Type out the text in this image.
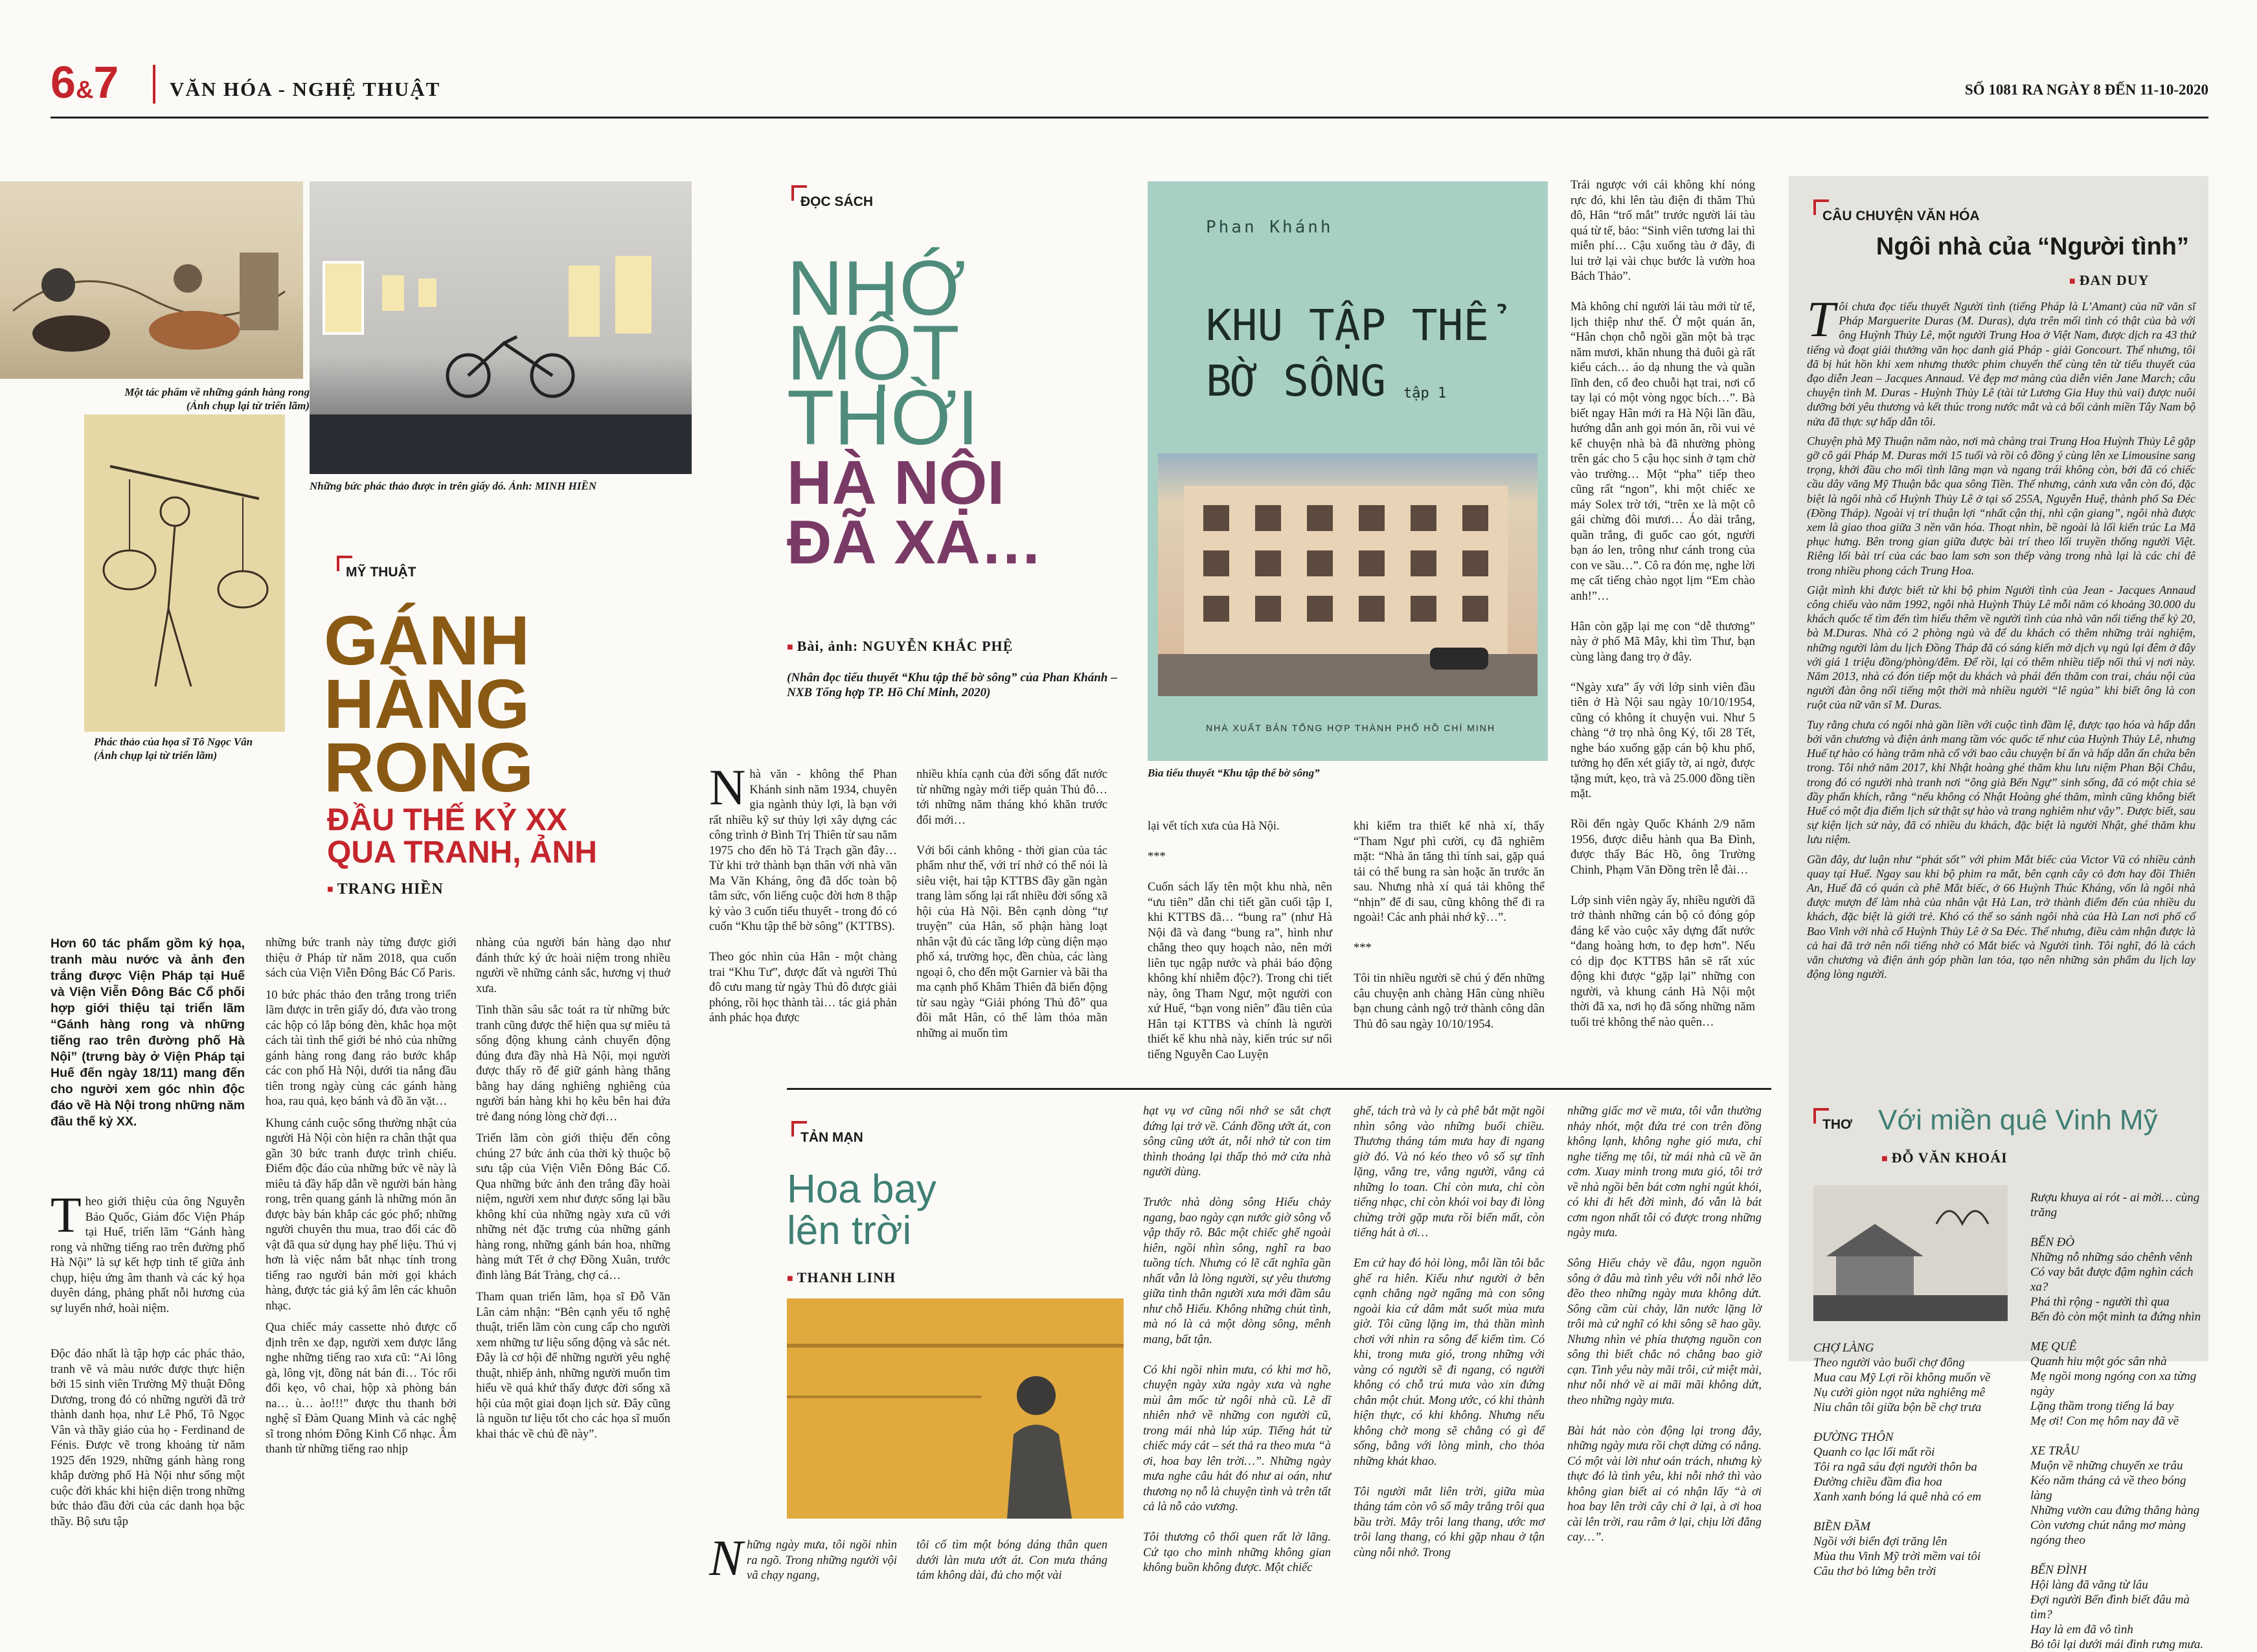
6&7	VĂN HÓA - NGHỆ THUẬT	SỐ 1081 RA NGÀY 8 ĐẾN 11-10-2020
Một tác phẩm về những gánh hàng rong
(Ảnh chụp lại từ triển lãm)
Những bức phác thảo được in trên giấy dó. Ảnh: MINH HIỀN
Phác thảo của họa sĩ Tô Ngọc Vân
(Ảnh chụp lại từ triển lãm)
MỸ THUẬT
GÁNH
HÀNG
RONG
ĐẦU THẾ KỶ XX
QUA TRANH, ẢNH
■ TRANG HIỀN
Hơn 60 tác phẩm gồm ký họa, tranh màu nước và ảnh đen trắng được Viện Pháp tại Huế và Viện Viễn Đông Bác Cổ phối hợp giới thiệu tại triển lãm “Gánh hàng rong và những tiếng rao trên đường phố Hà Nội” (trưng bày ở Viện Pháp tại Huế đến ngày 18/11) mang đến cho người xem góc nhìn độc đáo về Hà Nội trong những năm đầu thế kỷ XX.
Theo giới thiệu của ông Nguyễn Bảo Quốc, Giám đốc Viện Pháp tại Huế, triển lãm “Gánh hàng rong và những tiếng rao trên đường phố Hà Nội” là sự kết hợp tinh tế giữa ảnh chụp, hiệu ứng âm thanh và các ký họa duyên dáng, phảng phất nỗi hương của sự luyến nhớ, hoài niệm.
Độc đáo nhất là tập hợp các phác thảo, tranh vẽ và màu nước được thực hiện bởi 15 sinh viên Trường Mỹ thuật Đông Dương, trong đó có những người đã trở thành danh họa, như Lê Phổ, Tô Ngọc Vân và thầy giáo của họ - Ferdinand de Fénis. Được vẽ trong khoảng từ năm 1925 đến 1929, những gánh hàng rong khắp đường phố Hà Nội như sống một cuộc đời khác khi hiện diện trong những bức thảo đầu đời của các danh họa bậc thầy. Bộ sưu tập
những bức tranh này từng được giới thiệu ở Pháp từ năm 2018, qua cuốn sách của Viện Viễn Đông Bác Cổ Paris.
10 bức phác thảo đen trắng trong triển lãm được in trên giấy dó, đưa vào trong các hộp có lắp bóng đèn, khắc họa một cách tài tình thế giới bé nhỏ của những gánh hàng rong đang rảo bước khắp các con phố Hà Nội, dưới tia nắng đầu tiên trong ngày cùng các gánh hàng hoa, rau quả, kẹo bánh và đồ ăn vặt…
Khung cảnh cuộc sống thường nhật của người Hà Nội còn hiện ra chân thật qua gần 30 bức tranh được trình chiếu. Điểm độc đáo của những bức vẽ này là miêu tả đầy hấp dẫn về người bán hàng rong, trên quang gánh là những món ăn được bày bán khắp các góc phố; những người chuyên thu mua, trao đổi các đồ vật đã qua sử dụng hay phế liệu. Thú vị hơn là việc nắm bắt nhạc tính trong tiếng rao người bán mời gọi khách hàng, được tác giả ký âm lên các khuôn nhạc.
Qua chiếc máy cassette nhỏ được cố định trên xe đạp, người xem được lắng nghe những tiếng rao xưa cũ: “Ai lông gà, lông vịt, đồng nát bán đi… Tóc rối đổi kẹo, vô chai, hộp xà phòng bán na… ù… ào!!!” được thu thanh bởi nghệ sĩ Đàm Quang Minh và các nghệ sĩ trong nhóm Đông Kinh Cổ nhạc. Âm thanh từ những tiếng rao nhịp
nhàng của người bán hàng dạo như đánh thức ký ức hoài niệm trong nhiều người về những cảnh sắc, hương vị thuở xưa.
Tinh thần sâu sắc toát ra từ những bức tranh cũng được thể hiện qua sự miêu tả sống động khung cảnh chuyển động đúng đưa đầy nhà Hà Nội, mọi người được thấy rõ để giữ gánh hàng thăng bằng hay dáng nghiêng nghiêng của người bán hàng khi họ kêu bên hai đứa trẻ đang nóng lòng chờ đợi…
Triển lãm còn giới thiệu đến công chúng 27 bức ảnh của thời kỳ thuộc bộ sưu tập của Viện Viễn Đông Bác Cổ. Qua những bức ảnh đen trắng đầy hoài niệm, người xem như được sống lại bầu không khí của những ngày xưa cũ với những nét đặc trưng của những gánh hàng rong, những gánh bán hoa, những hàng mứt Tết ở chợ Đồng Xuân, trước đình làng Bát Tràng, chợ cá…
Tham quan triển lãm, họa sĩ Đỗ Văn Lân cảm nhận: “Bên cạnh yếu tố nghệ thuật, triển lãm còn cung cấp cho người xem những tư liệu sống động và sắc nét. Đây là cơ hội để những người yêu nghệ thuật, nhiếp ảnh, những người muốn tìm hiểu về quá khứ thấy được đời sống xã hội của một giai đoạn lịch sử. Đây cũng là nguồn tư liệu tốt cho các họa sĩ muốn khai thác về chủ đề này”.
ĐỌC SÁCH
NHỚ
MỘT
THỜI
HÀ NỘI
ĐÃ XA…
■ Bài, ảnh: NGUYỄN KHẮC PHỆ
(Nhân đọc tiểu thuyết “Khu tập thể bờ sông” của Phan Khánh – NXB Tổng hợp TP. Hồ Chí Minh, 2020)
Phan Khánh
KHU TẬP THỂ
BỜ SÔNG	tập 1
NHÀ XUẤT BẢN TỔNG HỢP THÀNH PHỐ HỒ CHÍ MINH
Bìa tiểu thuyết “Khu tập thể bờ sông”
Nhà văn - không thể Phan Khánh sinh năm 1934, chuyên gia ngành thủy lợi, là bạn với rất nhiều kỹ sư thủy lợi xây dựng các công trình ở Bình Trị Thiên từ sau năm 1975 cho đến hồ Tả Trạch gần đây… Từ khi trở thành bạn thân với nhà văn Ma Văn Kháng, ông đã dốc toàn bộ tâm sức, vốn liếng cuộc đời hơn 8 thập kỷ vào 3 cuốn tiểu thuyết - trong đó có cuốn “Khu tập thể bờ sông” (KTTBS).

Theo góc nhìn của Hân - một chàng trai “Khu Tư”, được đất và người Thủ đô cưu mang từ ngày Thủ đô được giải phóng, rồi học thành tài… tác giả phản ánh phác họa được
nhiều khía cạnh của đời sống đất nước từ những ngày mới tiếp quản Thủ đô… tới những năm tháng khó khăn trước đổi mới…

Với bối cảnh không - thời gian của tác phẩm như thế, với trí nhớ có thể nói là siêu việt, hai tập KTTBS đầy gần ngàn trang làm sống lại rất nhiều đời sống xã hội của Hà Nội. Bên cạnh dòng “tự truyện” của Hân, số phận hàng loạt nhân vật đủ các tầng lớp cùng diện mạo phố xá, trường học, đền chùa, các làng ngoại ô, cho đến một Garnier và bãi tha ma cạnh phố Khâm Thiên đã biến động từ sau ngày “Giải phóng Thủ đô” qua đôi mắt Hân, có thể làm thỏa mãn những ai muốn tìm
lại vết tích xưa của Hà Nội.

***

Cuốn sách lấy tên một khu nhà, nên “ưu tiên” dẫn chi tiết gần cuối tập I, khi KTTBS đã… “bung ra” (như Hà Nội đã và đang “bung ra”, hình như chẳng theo quy hoạch nào, nên mới liên tục ngập nước và phải báo động không khí nhiễm độc?). Trong chi tiết này, ông Tham Ngư, một người con xứ Huế, “bạn vong niên” đầu tiên của Hân tại KTTBS và chính là người thiết kế khu nhà này, kiến trúc sư nổi tiếng Nguyễn Cao Luyện
khi kiểm tra thiết kế nhà xí, thấy “Tham Ngư phì cười, cụ đã nghiêm mặt: “Nhà ăn tăng thì tính sai, gặp quá tải có thể bung ra sàn hoặc ăn trước ăn sau. Nhưng nhà xí quá tải không thể “nhịn” để đi sau, cũng không thể đi ra ngoài! Các anh phải nhớ kỹ…”.

***

Tôi tin nhiều người sẽ chú ý đến những câu chuyện anh chàng Hân cùng nhiều bạn chung cảnh ngộ trở thành công dân Thủ đô sau ngày 10/10/1954.
Trái ngược với cái không khí nóng rực đó, khi lên tàu điện đi thăm Thủ đô, Hân “trố mắt” trước người lái tàu quá từ tế, bảo: “Sinh viên tương lai thì miễn phí… Cậu xuống tàu ở đây, đi lui trở lại vài chục bước là vườn hoa Bách Thảo”.

Mà không chỉ người lái tàu mới từ tế, lịch thiệp như thế. Ở một quán ăn, “Hân chọn chỗ ngồi gần một bà trạc năm mươi, khăn nhung thả đuôi gà rất kiểu cách… áo dạ nhung the và quần lĩnh đen, cổ đeo chuỗi hạt trai, nơi cổ tay lại có một vòng ngọc bích…”. Bà biết ngay Hân mới ra Hà Nội lần đầu, hướng dẫn anh gọi món ăn, rồi vui vẻ kể chuyện nhà bà đã nhường phòng trên gác cho 5 cậu học sinh ở tạm chờ vào trường… Một “pha” tiếp theo cũng rất “ngon”, khi một chiếc xe máy Solex trờ tới, “trên xe là một cô gái chừng đôi mươi… Áo dài trắng, quần trắng, đi guốc cao gót, người bạn áo len, trông như cánh trong của con ve sầu…”. Cô ra đón mẹ, nghe lời mẹ cất tiếng chào ngọt lịm “Em chào anh!”…

Hân còn gặp lại mẹ con “dễ thương” này ở phố Mã Mây, khi tìm Thư, bạn cùng làng đang trọ ở đây.

“Ngày xưa” ấy với lớp sinh viên đầu tiên ở Hà Nội sau ngày 10/10/1954, cũng có không ít chuyện vui. Như 5 chàng “ở trọ nhà ông Ký, tối 28 Tết, nghe báo xuống gặp cán bộ khu phố, tưởng họ đến xét giấy tờ, ai ngờ, được tặng mứt, kẹo, trà và 25.000 đồng tiền mặt.

Rồi đến ngày Quốc Khánh 2/9 năm 1956, được diễu hành qua Ba Đình, được thấy Bác Hồ, ông Trường Chinh, Phạm Văn Đồng trên lễ đài…

Lớp sinh viên ngày ấy, nhiều người đã trở thành những cán bộ có đóng góp đáng kể vào cuộc xây dựng đất nước “đang hoàng hơn, to đẹp hơn”. Nếu có dịp đọc KTTBS hẳn sẽ rất xúc động khi được “gặp lại” những con người, và khung cảnh Hà Nội một thời đã xa, nơi họ đã sống những năm tuổi trẻ không thể nào quên…
CÂU CHUYỆN VĂN HÓA
Ngôi nhà của “Người tình”
■ ĐAN DUY
Tôi chưa đọc tiểu thuyết Người tình (tiếng Pháp là L’Amant) của nữ văn sĩ Pháp Marguerite Duras (M. Duras), dựa trên mối tình có thật của bà với ông Huỳnh Thủy Lê, một người Trung Hoa ở Việt Nam, được dịch ra 43 thứ tiếng và đoạt giải thưởng văn học danh giá Pháp - giải Goncourt. Thế nhưng, tôi đã bị hút hồn khi xem nhưng thước phim chuyển thể cùng tên từ tiểu thuyết của đạo diễn Jean – Jacques Annaud. Vẻ đẹp mơ màng của diễn viên Jane March; câu chuyện tình M. Duras - Huỳnh Thủy Lê (tài tử Lương Gia Huy thủ vai) được nuôi dưỡng bởi yêu thương và kết thúc trong nước mắt và cả bối cảnh miền Tây Nam bộ nửa đã thực sự hấp dẫn tôi.
Chuyện phà Mỹ Thuận năm nào, nơi mà chàng trai Trung Hoa Huỳnh Thủy Lê gặp gỡ cô gái Pháp M. Duras mới 15 tuổi và rồi cô đồng ý cùng lên xe Limousine sang trọng, khởi đầu cho mối tình lãng mạn và ngang trái không còn, bởi đã có chiếc cầu dây văng Mỹ Thuận bắc qua sông Tiền. Thế nhưng, cảnh xưa vẫn còn đó, đặc biệt là ngôi nhà cổ Huỳnh Thủy Lê ở tại số 255A, Nguyễn Huệ, thành phố Sa Đéc (Đồng Tháp). Ngoài vị trí thuận lợi “nhất cận thị, nhì cận giang”, ngôi nhà được xem là giao thoa giữa 3 nền văn hóa. Thoạt nhìn, bề ngoài là lối kiến trúc La Mã phục hưng. Bên trong gian giữa được bài trí theo lối truyền thống người Việt. Riêng lối bài trí của các bao lam sơn son thếp vàng trong nhà lại là các chi đê trong nhiều phong cách Trung Hoa.
Giật mình khi được biết từ khi bộ phim Người tình của Jean - Jacques Annaud công chiếu vào năm 1992, ngôi nhà Huỳnh Thủy Lê mỗi năm có khoảng 30.000 du khách quốc tế tìm đến tìm hiểu thêm về người tình của nhà văn nổi tiếng thế kỷ 20, bà M.Duras. Nhà có 2 phòng ngủ và để du khách có thêm những trải nghiệm, những người làm du lịch Đồng Tháp đã có sáng kiến mở dịch vụ ngủ lại đêm ở đây với giá 1 triệu đồng/phòng/đêm. Để rồi, lại có thêm nhiều tiếp nối thú vị nơi này. Năm 2013, nhà có đón tiếp một du khách và phái đến thăm con trai, cháu nội của người đàn ông nổi tiếng một thời mà nhiều người “lê ngủa” khi biết ông là con ruột của nữ văn sĩ M. Duras.
Tuy rằng chưa có ngôi nhà gần liền với cuộc tình đầm lệ, được tạo hóa và hấp dẫn bởi văn chương và điện ảnh mang tầm vóc quốc tế như của Huỳnh Thủy Lê, nhưng Huế tự hào có hàng trăm nhà cổ với bao câu chuyện bí ẩn và hấp dẫn ẩn chứa bên trong. Tôi nhớ năm 2017, khi Nhật hoàng ghé thăm khu lưu niệm Phan Bội Châu, trong đó có người nhà tranh nơi “ông già Bến Ngự” sinh sống, đã có một chia sẻ đầy phấn khích, rằng “nếu không có Nhật Hoàng ghé thăm, mình cũng không biết Huế có một địa điểm lịch sử thật sự hào và trang nghiêm như vậy”. Được biết, sau sự kiện lịch sử này, đã có nhiều du khách, đặc biệt là người Nhật, ghé thăm khu lưu niệm.
Gần đây, dư luận như “phát sốt” với phim Mắt biếc của Victor Vũ có nhiều cảnh quay tại Huế. Ngay sau khi bộ phim ra mắt, bên cạnh cây cỏ đơn hay đồi Thiên An, Huế đã có quán cà phê Mắt biếc, ở 66 Huỳnh Thúc Kháng, vốn là ngôi nhà được mượn để làm nhà của nhân vật Hà Lan, trở thành điểm đến của nhiều du khách, đặc biệt là giới trẻ. Khó có thể so sánh ngôi nhà của Hà Lan nơi phố cổ Bao Vinh với nhà cổ Huỳnh Thủy Lê ở Sa Đéc. Thế nhưng, điều cảm nhận được là cả hai đã trở nên nổi tiếng nhờ có Mắt biếc và Người tình. Tôi nghĩ, đó là cách văn chương và điện ảnh góp phần lan tỏa, tạo nên những sản phẩm du lịch lay động lòng người.
TẢN MẠN
Hoa bay
lên trời
■ THANH LINH
Những ngày mưa, tôi ngồi nhìn ra ngõ. Trong những người vội vã chạy ngang,
tôi cố tìm một bóng dáng thân quen dưới làn mưa ướt át. Con mưa tháng tám không dài, đủ cho một vài
hạt vụ vơ cũng nổi nhớ se sắt chợt đứng lại trở về. Cánh đồng ướt át, con sông cũng ướt át, nỗi nhớ từ con tim thình thoảng lại thấp thỏ mở cửa nhà người dùng.

Trước nhà dòng sông Hiếu chảy ngang, bao ngày cạn nước giờ sông vỗ vập thấy rõ. Bắc một chiếc ghế ngoài hiên, ngồi nhìn sông, nghĩ ra bao tuồng tích. Nhưng có lẽ cất nghĩa gần nhất vẫn là lòng người, sự yêu thương giữa tình thân người xưa mới đầm sâu như chỗ Hiếu. Không những chút tình, mà nó là cả một dòng sông, mênh mang, bất tận.

Có khi ngồi nhìn mưa, có khi mơ hồ, chuyện ngày xửa ngày xưa và nghe mùi âm mốc từ ngôi nhà cũ. Lẽ dĩ nhiên nhớ về những con người cũ, trong mái nhà lúp xúp. Tiếng hát từ chiếc máy cát – sét thả ra theo mưa “à ơi, hoa bay lên trời…”. Những ngày mưa nghe câu hát đó như ai oán, như thương nọ nỗ là chuyện tình và trên tất cả là nỗ cảo vương.

Tôi thương cô thối quen rất lờ lãng. Cứ tạo cho mình những không gian không buồn không được. Một chiếc
ghế, tách trà và ly cà phê bắt mặt ngồi nhìn sông vào những buổi chiều. Thương tháng tám mưa hay đi ngang giờ đó. Và nó kéo theo vô số sự tĩnh lặng, vắng tre, vắng người, vắng cả những lo toan. Chỉ còn mưa, chỉ còn tiếng nhạc, chỉ còn khói voi bay đi lòng chừng trời gặp mưa rồi biến mất, còn tiếng hát à ơi…

Em cứ hay đó hỏi lòng, mỗi lần tôi bắc ghế ra hiên. Kiếu như người ở bên cạnh chẳng ngờ ngẩng mà con sông ngoài kia cứ dâm mắt suốt mùa mưa giờ. Tôi cũng lặng im, thả thần mình chơi với nhìn ra sông để kiếm tìm. Có khi, trong mưa gió, trong những với vàng có người sẽ đi ngang, có người không có chỗ trú mưa vào xin đứng chân một chút. Mong ước, có khi thành hiện thực, có khi không. Nhưng nếu không chờ mong sẽ chẳng có gì để sống, bằng với lòng mình, cho thỏa những khát khao.

Tôi người mắt liên trời, giữa mùa tháng tám còn vô số mây trắng trôi qua bầu trời. Mây trôi lang thang, ước mơ trôi lang thang, có khi gặp nhau ở tận cùng nỗi nhớ. Trong
những giấc mơ về mưa, tôi vẫn thường nhảy nhót, một đứa trẻ con trên đồng không lạnh, không nghe gió mưa, chỉ nghe tiếng mẹ tôi, từ mái nhà cũ về ăn cơm. Xuay minh trong mưa gió, tôi trở về nhà ngồi bên bát cơm nghi ngút khói, có khi đi hết đời mình, đó vẫn là bát cơm ngon nhất tôi có được trong những ngày mưa.

Sông Hiếu chảy về đâu, ngọn nguồn sông ở đâu mà tình yêu với nỗi nhớ lẽo đẽo theo những ngày mưa không dứt. Sông cầm cùi chảy, lăn nước lặng lờ trôi mà cứ nghĩ có khi sông sẽ hao gầy. Nhưng nhìn vẻ phía thượng nguồn con sông thì biết chắc nó chẳng bao giờ cạn. Tình yêu này mãi trôi, cứ miệt mài, như nỗi nhớ về ai mãi mãi không dứt, theo những ngày mưa.

Bài hát nào còn động lại trong đây, những ngày mưa rồi chợt dừng có nắng. Có một vài lời như oán trách, nhưng kỳ thực đó là tình yêu, khi nỗi nhớ thì vào không gian biết ai có nhận lấy “à ơi hoa bay lên trời cây chỉ ở lại, à ơi hoa cài lên trời, rau râm ở lại, chịu lời đắng cay…”.
THƠ Với miền quê Vinh Mỹ
■ ĐỖ VĂN KHOÁI
CHỢ LÀNG
Theo người vào buổi chợ đông
Mua cau Mỹ Lợi rồi không muốn về
Nụ cười giòn ngọt nửa nghiêng mê
Niu chân tôi giữa bộn bề chợ trưa

ĐƯỜNG THÔN
Quanh co lạc lối mất rồi
Tôi ra ngã sáu đợi người thôn ba
Đường chiều đầm đìa hoa
Xanh xanh bóng lá quê nhà có em

BIỀN ĐẦM
Ngồi với biển đợi trăng lên
Mùa thu Vinh Mỹ trời mềm vai tôi
Câu thơ bỏ lửng bên trời
Rượu khuya ai rót - ai mời… cùng trăng

BẾN ĐÒ
Những nỗ những sáo chênh vênh
Có vay bắt được đậm nghìn cách xa?
Phá thì rộng - người thì qua
Bến đò còn một mình ta đứng nhìn

MẸ QUÊ
Quanh hiu một góc sân nhà
Mẹ ngồi mong ngóng con xa từng ngày
Lặng thầm trong tiếng lá bay
Mẹ ơi! Con mẹ hôm nay đã về

XE TRÂU
Muộn về những chuyến xe trâu
Kéo năm tháng cả về theo bóng làng
Những vườn cau đứng thẳng hàng
Còn vương chút nắng mơ màng ngóng theo

BẾN ĐÌNH
Hội làng đã vãng từ lâu
Đợi người Bến đình biết đâu mà tìm?
Hay là em đã vô tình
Bỏ tôi lại dưới mái đình rưng mưa.
